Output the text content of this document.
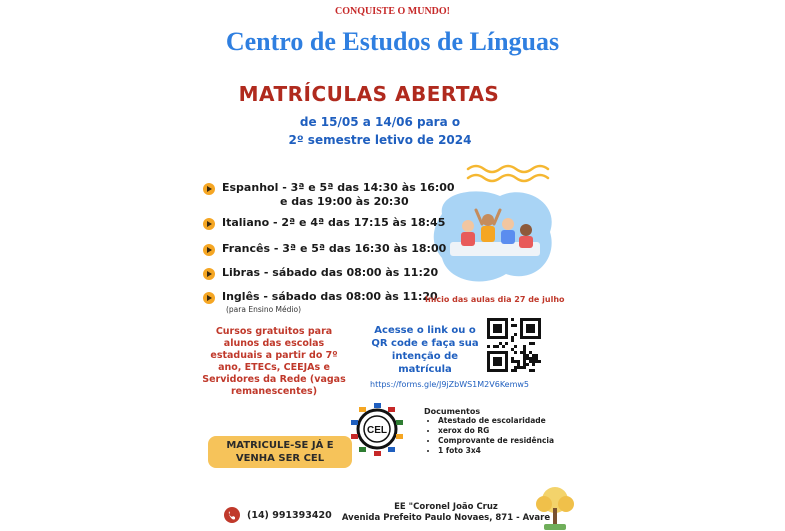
CONQUISTE O MUNDO!
Centro de Estudos de Línguas
MATRÍCULAS ABERTAS
de 15/05 a 14/06 para o
2º semestre letivo de 2024
Espanhol - 3ª e 5ª das 14:30 às 16:00
e das 19:00 às 20:30
Italiano - 2ª e 4ª das 17:15 às 18:45
Francês - 3ª e 5ª das 16:30 às 18:00
Libras - sábado das 08:00 às 11:20
Inglês - sábado das 08:00 às 11:20
(para Ensino Médio)
Início das aulas dia 27 de julho
Cursos gratuitos para alunos das escolas estaduais a partir do 7º ano, ETECs, CEEJAs e Servidores da Rede (vagas remanescentes)
Acesse o link ou o QR code e faça sua intenção de matrícula
https://forms.gle/J9jZbWS1M2V6Kemw5
CEL
Documentos
• Atestado de escolaridade
• xerox do RG
• Comprovante de residência
• 1 foto 3x4
MATRICULE-SE JÁ E VENHA SER CEL
(14) 991393420
EE "Coronel João Cruz
Avenida Prefeito Paulo Novaes, 871 - Avare
